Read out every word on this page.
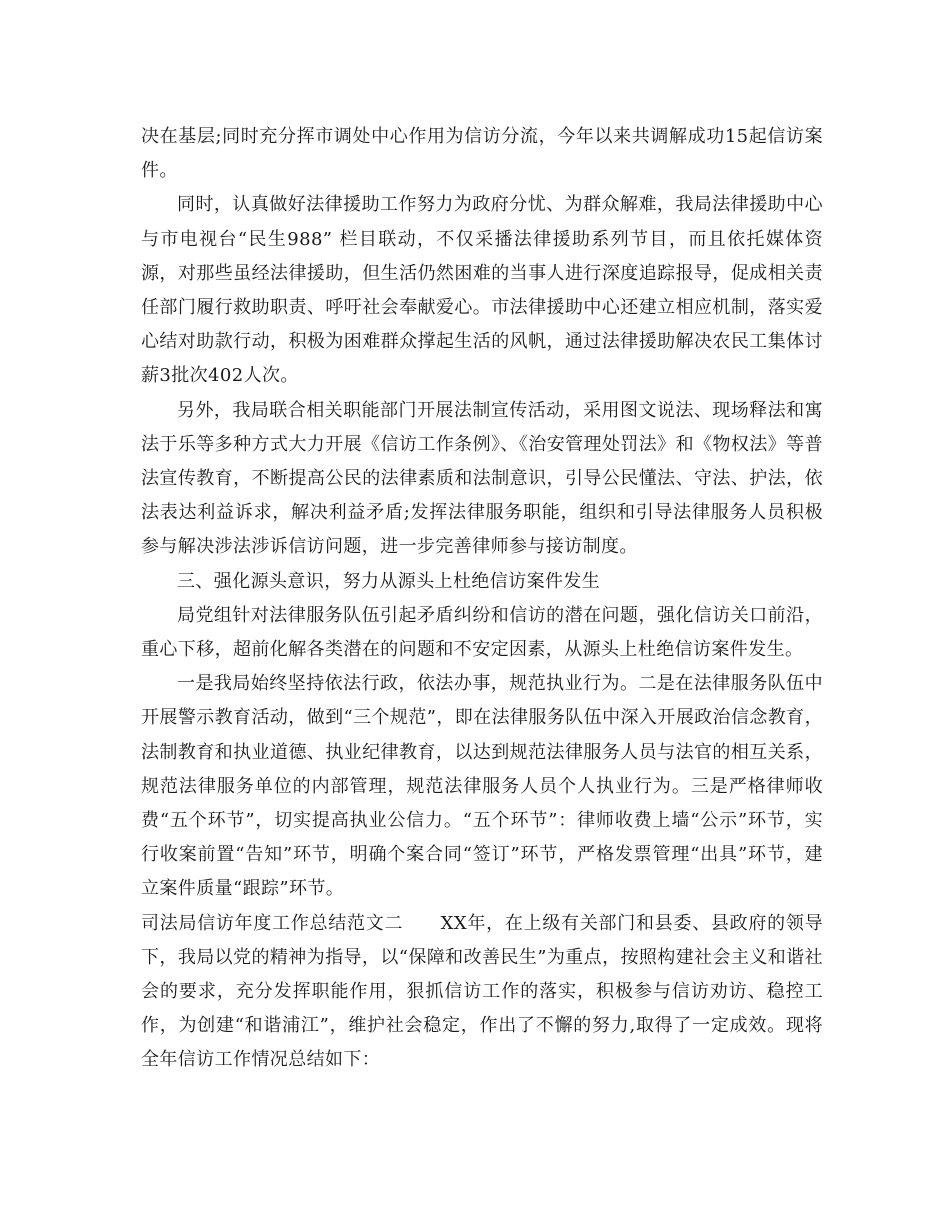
决在基层;同时充分挥市调处中心作用为信访分流，今年以来共调解成功15起信访案件。

同时，认真做好法律援助工作努力为政府分忧、为群众解难，我局法律援助中心与市电视台“民生988” 栏目联动，不仅采播法律援助系列节目，而且依托媒体资源，对那些虽经法律援助，但生活仍然困难的当事人进行深度追踪报导，促成相关责任部门履行救助职责、呼吁社会奉献爱心。市法律援助中心还建立相应机制，落实爱心结对助款行动，积极为困难群众撑起生活的风帆，通过法律援助解决农民工集体讨薪3批次402人次。

另外，我局联合相关职能部门开展法制宣传活动，采用图文说法、现场释法和寓法于乐等多种方式大力开展《信访工作条例》、《治安管理处罚法》和《物权法》等普法宣传教育，不断提高公民的法律素质和法制意识，引导公民懂法、守法、护法，依法表达利益诉求，解决利益矛盾;发挥法律服务职能，组织和引导法律服务人员积极参与解决涉法涉诉信访问题，进一步完善律师参与接访制度。

三、强化源头意识，努力从源头上杜绝信访案件发生

局党组针对法律服务队伍引起矛盾纠纷和信访的潜在问题，强化信访关口前沿，重心下移，超前化解各类潜在的问题和不安定因素，从源头上杜绝信访案件发生。

一是我局始终坚持依法行政，依法办事，规范执业行为。二是在法律服务队伍中开展警示教育活动，做到“三个规范”，即在法律服务队伍中深入开展政治信念教育，法制教育和执业道德、执业纪律教育，以达到规范法律服务人员与法官的相互关系，规范法律服务单位的内部管理，规范法律服务人员个人执业行为。三是严格律师收费“五个环节”，切实提高执业公信力。“五个环节”：律师收费上墙“公示”环节，实行收案前置“告知”环节，明确个案合同“签订”环节，严格发票管理“出具”环节，建立案件质量“跟踪”环节。

司法局信访年度工作总结范文二　　XX年，在上级有关部门和县委、县政府的领导下，我局以党的精神为指导，以“保障和改善民生”为重点，按照构建社会主义和谐社会的要求，充分发挥职能作用，狠抓信访工作的落实，积极参与信访劝访、稳控工作，为创建“和谐浦江”，维护社会稳定，作出了不懈的努力,取得了一定成效。现将全年信访工作情况总结如下：
